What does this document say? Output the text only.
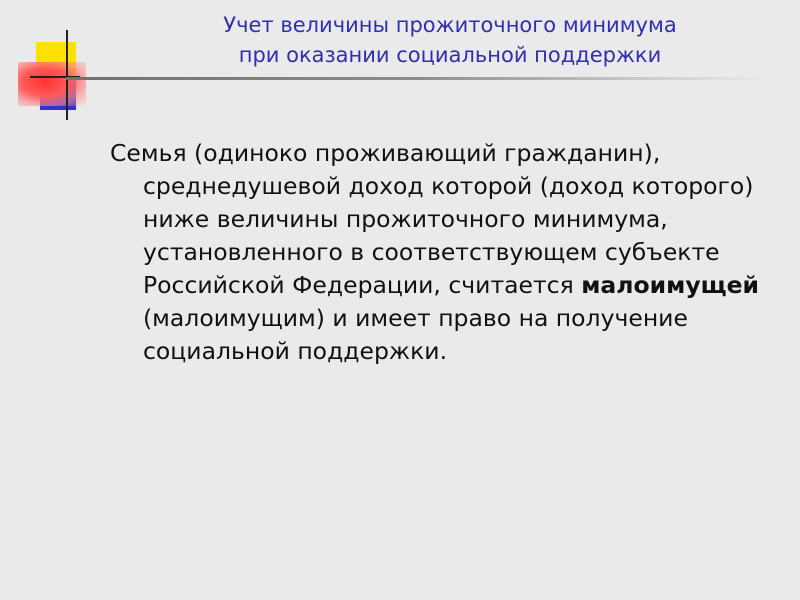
Учет величины прожиточного минимума
при оказании социальной поддержки
Семья (одиноко проживающий гражданин), среднедушевой доход которой (доход которого) ниже величины прожиточного минимума, установленного в соответствующем субъекте Российской Федерации, считается малоимущей (малоимущим) и имеет право на получение социальной поддержки.
